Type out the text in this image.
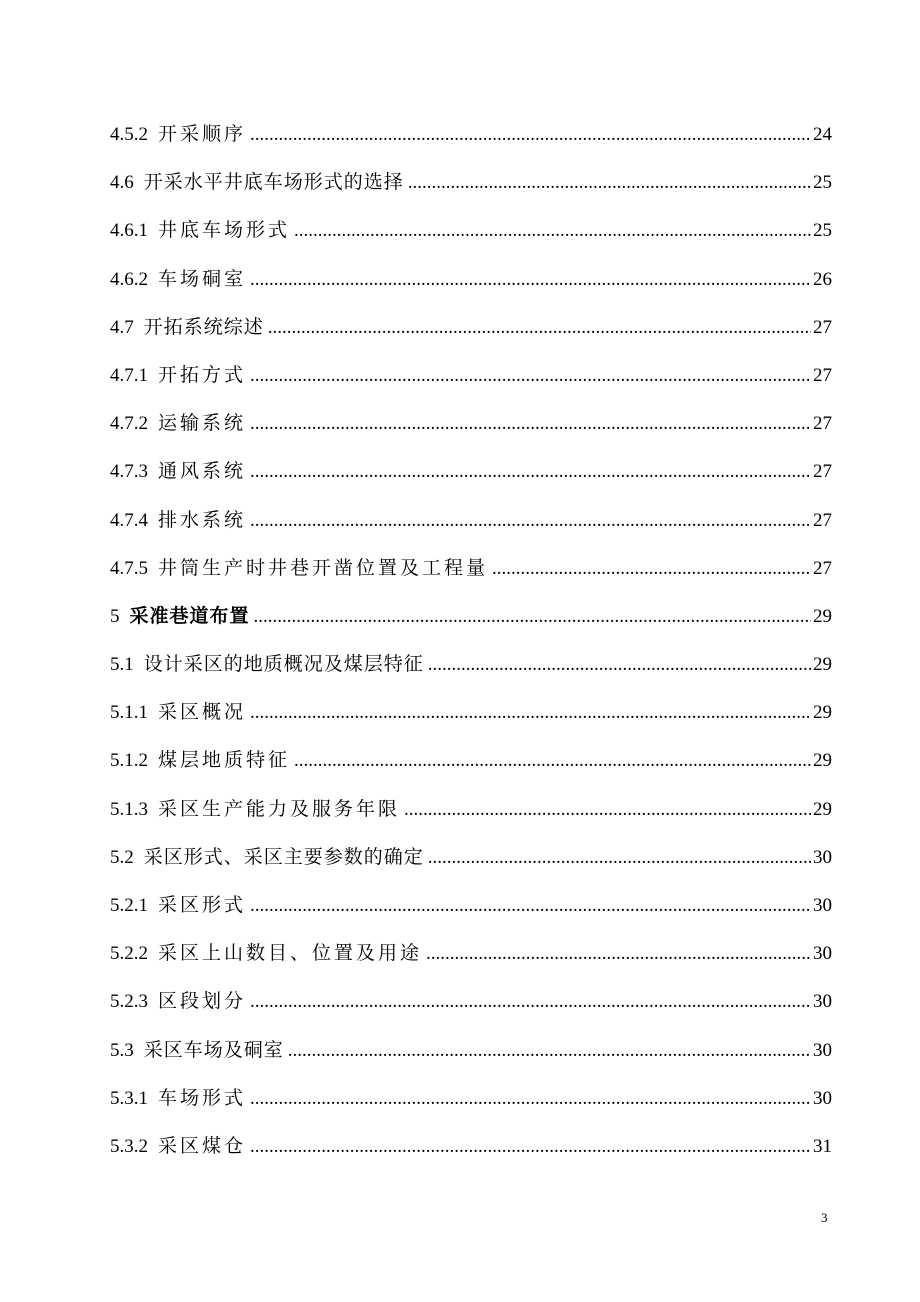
4.5.2 开采顺序 .....	24
4.6 开采水平井底车场形式的选择 .....	25
4.6.1 井底车场形式 .....	25
4.6.2 车场硐室 .....	26
4.7 开拓系统综述 .....	27
4.7.1 开拓方式 .....	27
4.7.2 运输系统 .....	27
4.7.3 通风系统 .....	27
4.7.4 排水系统 .....	27
4.7.5 井筒生产时井巷开凿位置及工程量 .....	27
5 采准巷道布置 .....	29
5.1 设计采区的地质概况及煤层特征 .....	29
5.1.1 采区概况 .....	29
5.1.2 煤层地质特征 .....	29
5.1.3 采区生产能力及服务年限 .....	29
5.2 采区形式、采区主要参数的确定 .....	30
5.2.1 采区形式 .....	30
5.2.2 采区上山数目、位置及用途 .....	30
5.2.3 区段划分 .....	30
5.3 采区车场及硐室 .....	30
5.3.1 车场形式 .....	30
5.3.2 采区煤仓 .....	31
3
